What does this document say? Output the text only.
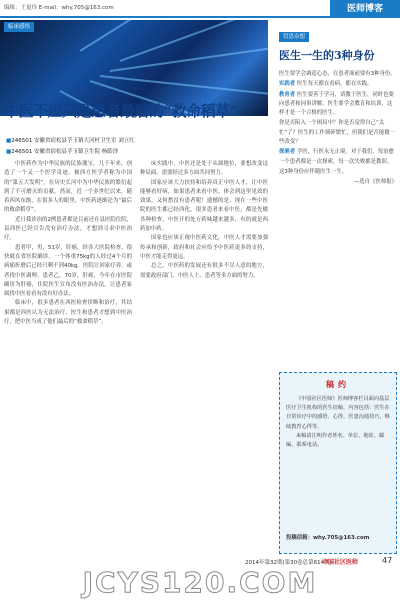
编辑：王更玲 E-mail：why.705@163.com	医师博客
临床感悟
中医不应只是患者最后的“救命稻草”
■246501 安徽省宿松县孚玉镇大河村卫生室 刘立红
■246501 安徽省宿松县孚玉镇卫生院 杨皓泽

中医药作为中华民族的民族瑰宝，几千年来，创造了一个又一个医学奇迹，被西方医学者称为中国的“第五大发明”。在历史长河中为中华民族的繁衍起到了不可磨灭的贡献。然而，近一个多世纪以来，随着西风东渐，在很多人的眼里，中医药逐渐沦为“最后的救命稻草”。

近日我诊治的2例患者都是目前还在县医院住院，县西医已经宣告没有治疗办法，才想到寻求中医治疗。

患者甲，男，51岁，肝癌，经各大医院检查，很快就在省医院确诊。一个体重75kg的人经过4个月的病痛折磨后已经只剩不到40kg。医院让回家疗养，或者找中医调理。患者乙，70岁，肝癌，今年在市医院确诊为肝癌，住院医生宣布没有医治办法。让患者家属找中医看看有没有好办法。

临床中，很多患者在西医检查诊断和治疗，其结果都是西医认为无法治疗，医生和患者才想到中医治疗，把中医当成了他们最后的“救命稻草”。

床实践中，中医还是处于从属地位，要想改变这种局面，需要经过多方面共同努力。

国家应该大力扶持和培养真正中医人才，让中医能够看好病，如果患者来看中医，体会到这里见效的效果，又何愁没有患者呢！遗憾的是，现在一些中医院的医生都已经西化，很多患者来看中医，都是先做各种检查，中医开的处方药味越来越多，有的就是西药加中药。

国家也应该正视中医药文化，中医人才需要加强传承和创新，政府和社会应给予中医药更多的支持，中医才能走得更远。

总之，中医药的发展还有很多不尽人意的地方，需要政府部门、中医人士、患者等多方面的努力。

管思杂想
医生一生的3种身份

医生要学会调适心态，在患者面前要有3种身份。

实践者 医生每天都在看病、都在实践。

教育者 医生要善于学习，请教于医生，同时也要向患者和同事讲解。医生要学会教育和培训，这样才是一个合格的医生。

你是否陷入一个困局中？你是否觉得自己“太忙”了？医生的工作琐碎繁忙，但我们是否能做一些改变？

探索者 学医，行医永无止境。对于我们，每治愈一个患者都是一次探索，每一次失败都是教训。

这3种身份应伴随医生一生。

—选自《医师报》

稿约

《中国社区医师》医师博客栏目面向基层医疗卫生机构的医生征稿，内容包括：医生在日常诊疗中的感悟、心得，医患沟通技巧，继续教育心得等。

来稿请注明作者姓名、单位、地址、邮编、联系电话。

投稿信箱：why.705@163.com
2014年第32期(第30卷总第614期)
中国社区医师	47
JCYS120.COM
